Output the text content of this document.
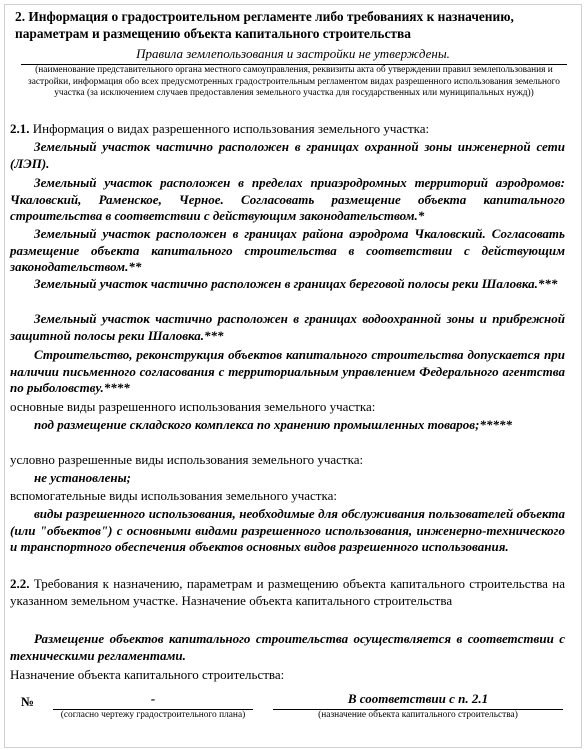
2. Информация о градостроительном регламенте либо требованиях к назначению, параметрам и размещению объекта капитального строительства
Правила землепользования и застройки не утверждены.
(наименование представительного органа местного самоуправления, реквизиты акта об утверждении правил землепользования и застройки, информация обо всех предусмотренных градостроительным регламентом видах разрешенного использования земельного участка (за исключением случаев предоставления земельного участка для государственных или муниципальных нужд))
2.1. Информация о видах разрешенного использования земельного участка:
Земельный участок частично расположен в границах охранной зоны инженерной сети (ЛЭП).
Земельный участок расположен в пределах приаэродромных территорий аэродромов: Чкаловский, Раменское, Черное. Согласовать размещение объекта капитального строительства в соответствии с действующим законодательством.*
Земельный участок расположен в границах района аэродрома Чкаловский. Согласовать размещение объекта капитального строительства в соответствии с действующим законодательством.**
Земельный участок частично расположен в границах береговой полосы реки Шаловка.***
Земельный участок частично расположен в границах водоохранной зоны и прибрежной защитной полосы реки Шаловка.***
Строительство, реконструкция объектов капитального строительства допускается при наличии письменного согласования с территориальным управлением Федерального агентства по рыболовству.****
основные виды разрешенного использования земельного участка:
под размещение складского комплекса по хранению промышленных товаров;*****
условно разрешенные виды использования земельного участка:
не установлены;
вспомогательные виды использования земельного участка:
виды разрешенного использования, необходимые для обслуживания пользователей объекта (или "объектов") с основными видами разрешенного использования, инженерно-технического и транспортного обеспечения объектов основных видов разрешенного использования.
2.2. Требования к назначению, параметрам и размещению объекта капитального строительства на указанном земельном участке. Назначение объекта капитального строительства
Размещение объектов капитального строительства осуществляется в соответствии с техническими регламентами.
Назначение объекта капитального строительства:
№	-
(согласно чертежу градостроительного плана)
В соответствии с п. 2.1
(назначение объекта капитального строительства)
